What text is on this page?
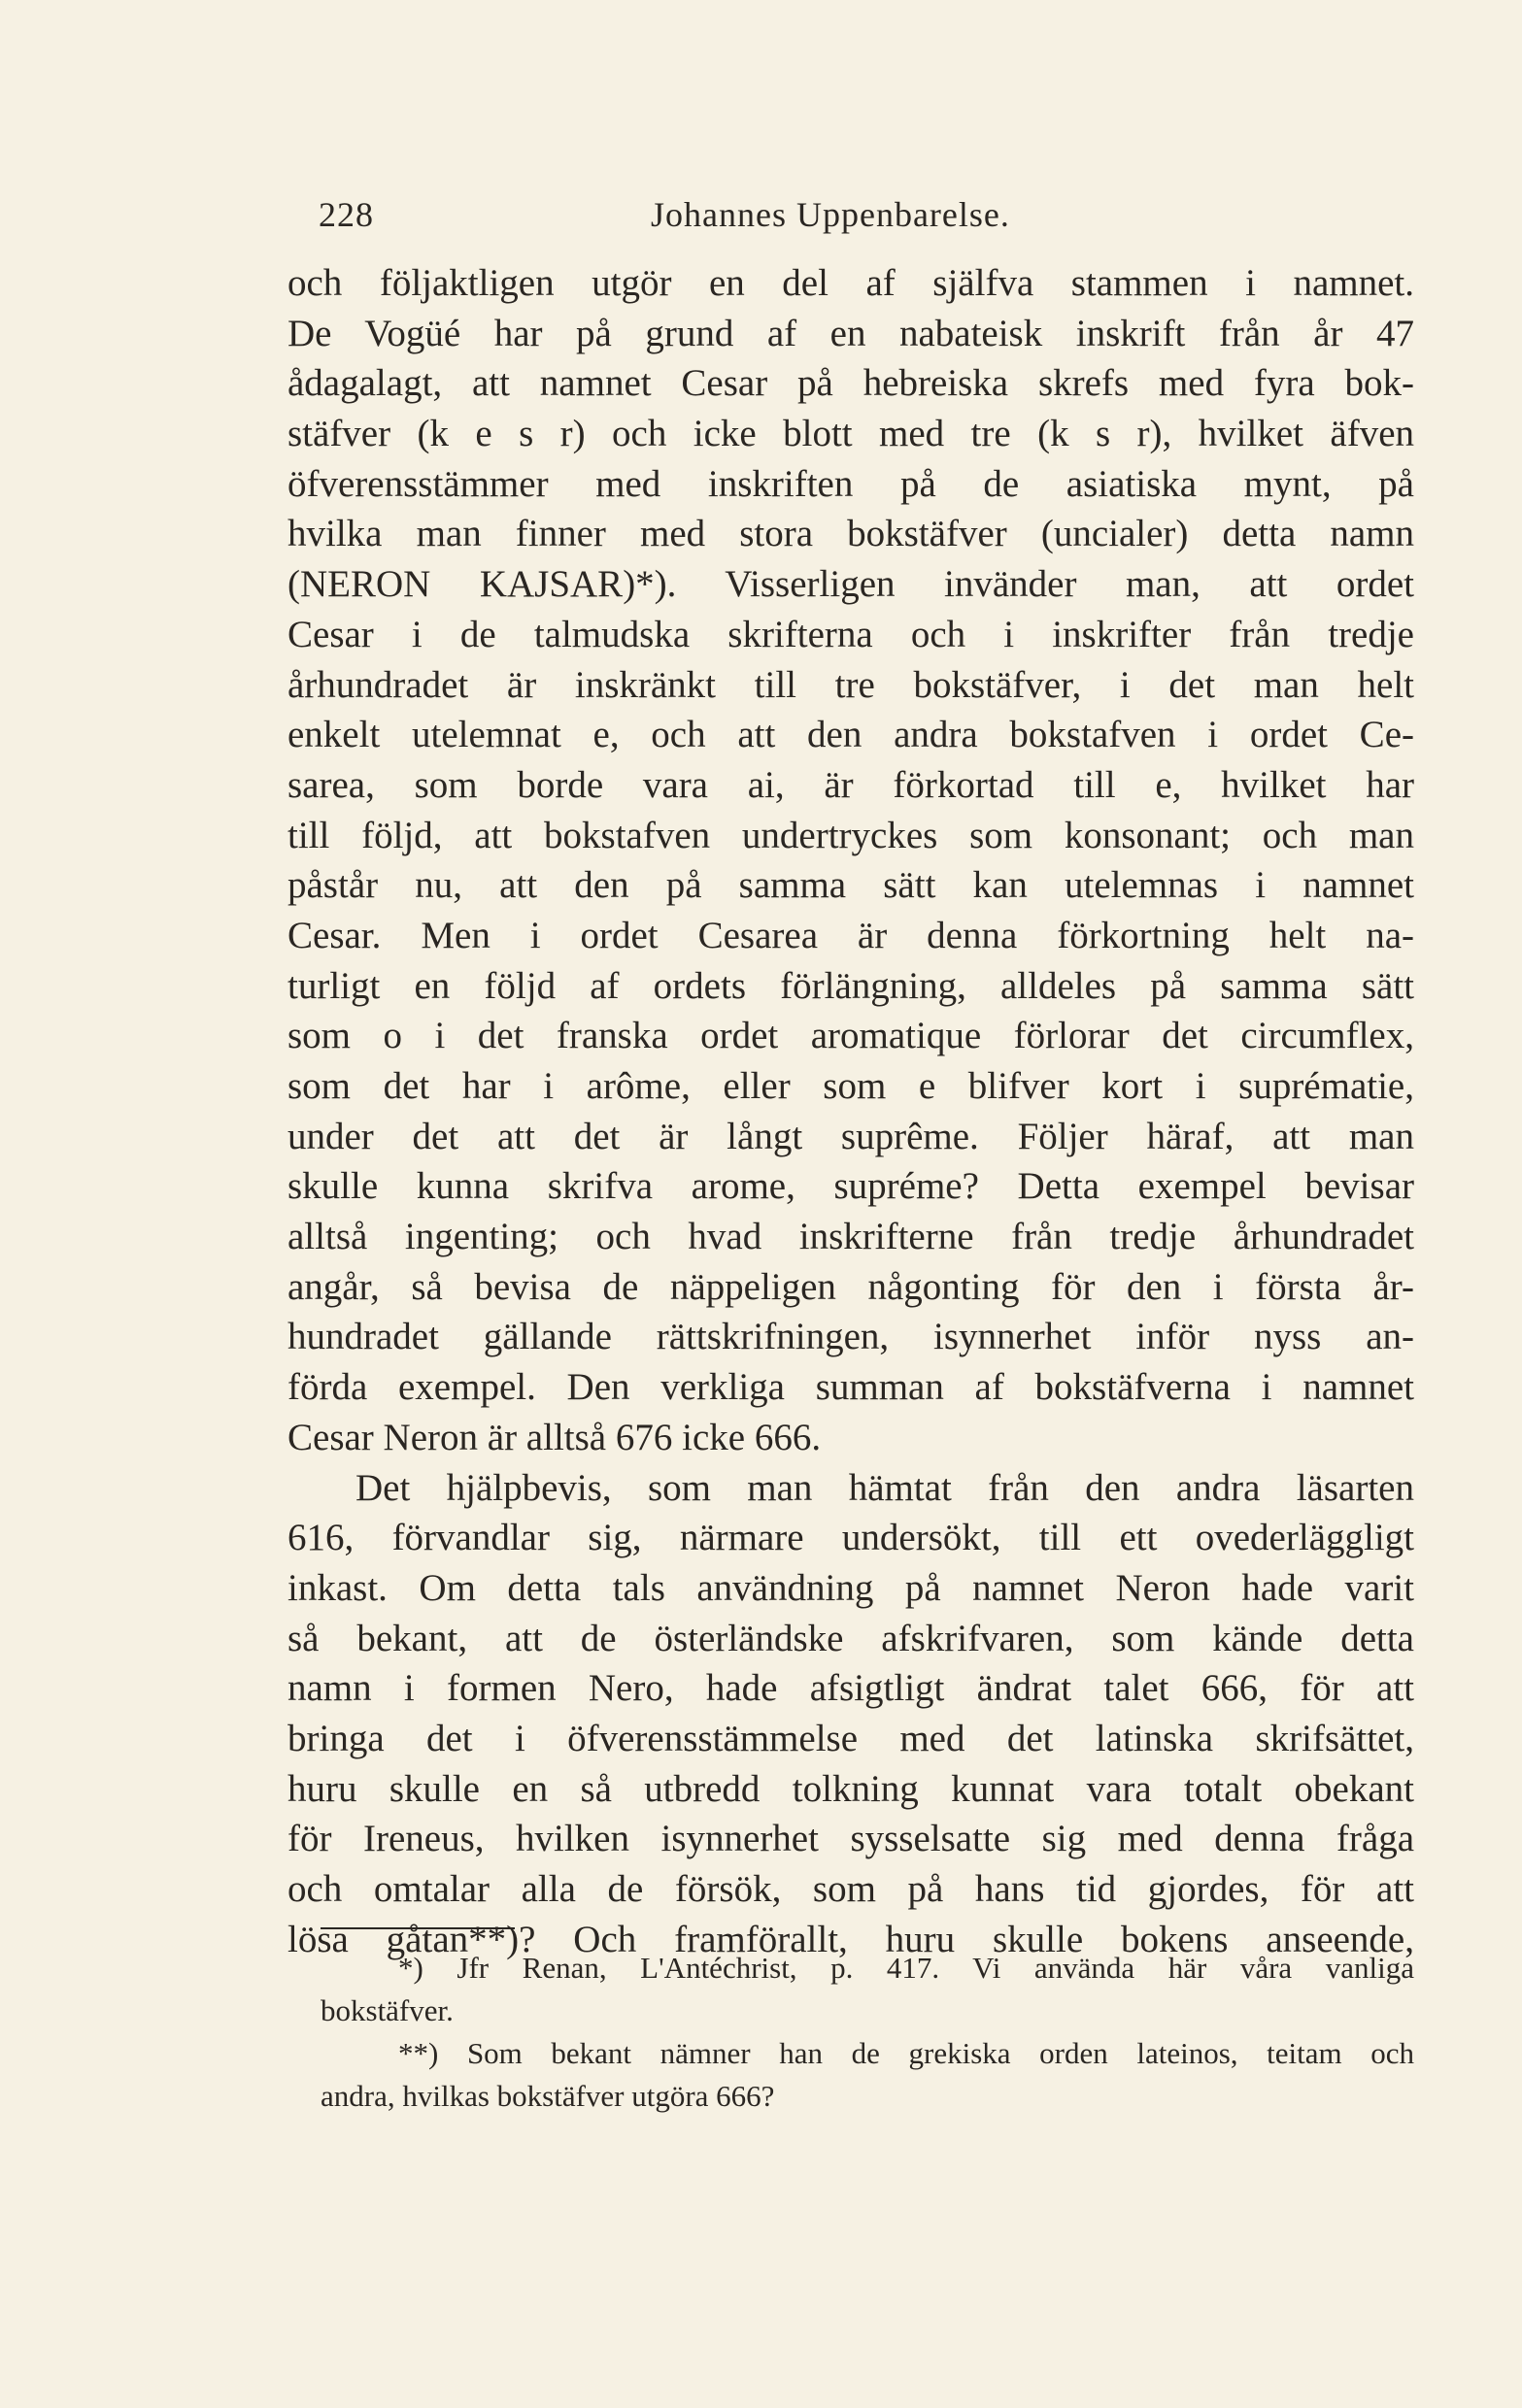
228	Johannes Uppenbarelse.
och följaktligen utgör en del af själfva stammen i namnet.
De Vogüé har på grund af en nabateisk inskrift från år 47
ådagalagt, att namnet Cesar på hebreiska skrefs med fyra bok-
stäfver (k e s r) och icke blott med tre (k s r), hvilket äfven
öfverensstämmer med inskriften på de asiatiska mynt, på
hvilka man finner med stora bokstäfver (uncialer) detta namn
(NERON KAJSAR)*). Visserligen invänder man, att ordet
Cesar i de talmudska skrifterna och i inskrifter från tredje
århundradet är inskränkt till tre bokstäfver, i det man helt
enkelt utelemnat e, och att den andra bokstafven i ordet Ce-
sarea, som borde vara ai, är förkortad till e, hvilket har
till följd, att bokstafven undertryckes som konsonant; och man
påstår nu, att den på samma sätt kan utelemnas i namnet
Cesar. Men i ordet Cesarea är denna förkortning helt na-
turligt en följd af ordets förlängning, alldeles på samma sätt
som o i det franska ordet aromatique förlorar det circumflex,
som det har i arôme, eller som e blifver kort i suprématie,
under det att det är långt suprême. Följer häraf, att man
skulle kunna skrifva arome, supréme? Detta exempel bevisar
alltså ingenting; och hvad inskrifterne från tredje århundradet
angår, så bevisa de näppeligen någonting för den i första år-
hundradet gällande rättskrifningen, isynnerhet inför nyss an-
förda exempel. Den verkliga summan af bokstäfverna i namnet
Cesar Neron är alltså 676 icke 666.
Det hjälpbevis, som man hämtat från den andra läsarten
616, förvandlar sig, närmare undersökt, till ett ovederläggligt
inkast. Om detta tals användning på namnet Neron hade varit
så bekant, att de österländske afskrifvaren, som kände detta
namn i formen Nero, hade afsigtligt ändrat talet 666, för att
bringa det i öfverensstämmelse med det latinska skrifsättet,
huru skulle en så utbredd tolkning kunnat vara totalt obekant
för Ireneus, hvilken isynnerhet sysselsatte sig med denna fråga
och omtalar alla de försök, som på hans tid gjordes, för att
lösa gåtan**)? Och framförallt, huru skulle bokens anseende,
*) Jfr Renan, L'Antéchrist, p. 417. Vi använda här våra vanliga
bokstäfver.
**) Som bekant nämner han de grekiska orden lateinos, teitam och
andra, hvilkas bokstäfver utgöra 666?
